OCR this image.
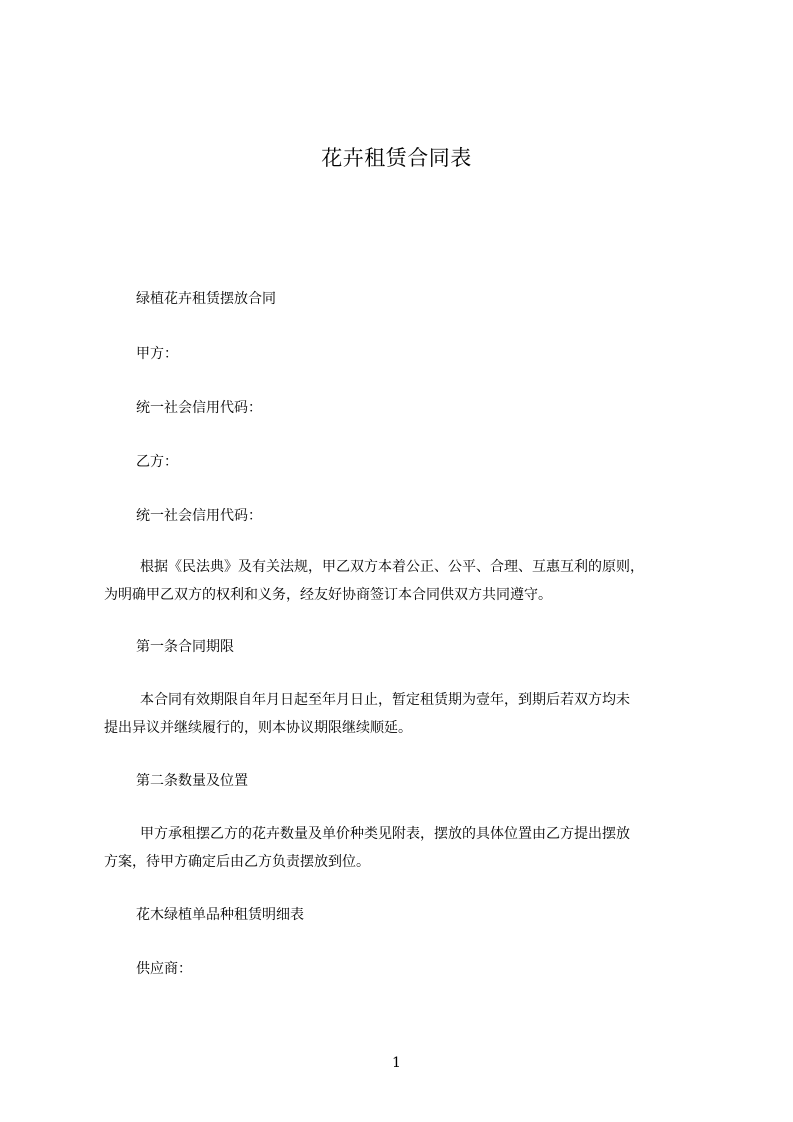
花卉租赁合同表
绿植花卉租赁摆放合同
甲方：
统一社会信用代码：
乙方：
统一社会信用代码：
根据《民法典》及有关法规，甲乙双方本着公正、公平、合理、互惠互利的原则，
为明确甲乙双方的权利和义务，经友好协商签订本合同供双方共同遵守。
第一条合同期限
本合同有效期限自年月日起至年月日止，暂定租赁期为壹年，到期后若双方均未
提出异议并继续履行的，则本协议期限继续顺延。
第二条数量及位置
甲方承租摆乙方的花卉数量及单价种类见附表，摆放的具体位置由乙方提出摆放
方案，待甲方确定后由乙方负责摆放到位。
花木绿植单品种租赁明细表
供应商：
1
